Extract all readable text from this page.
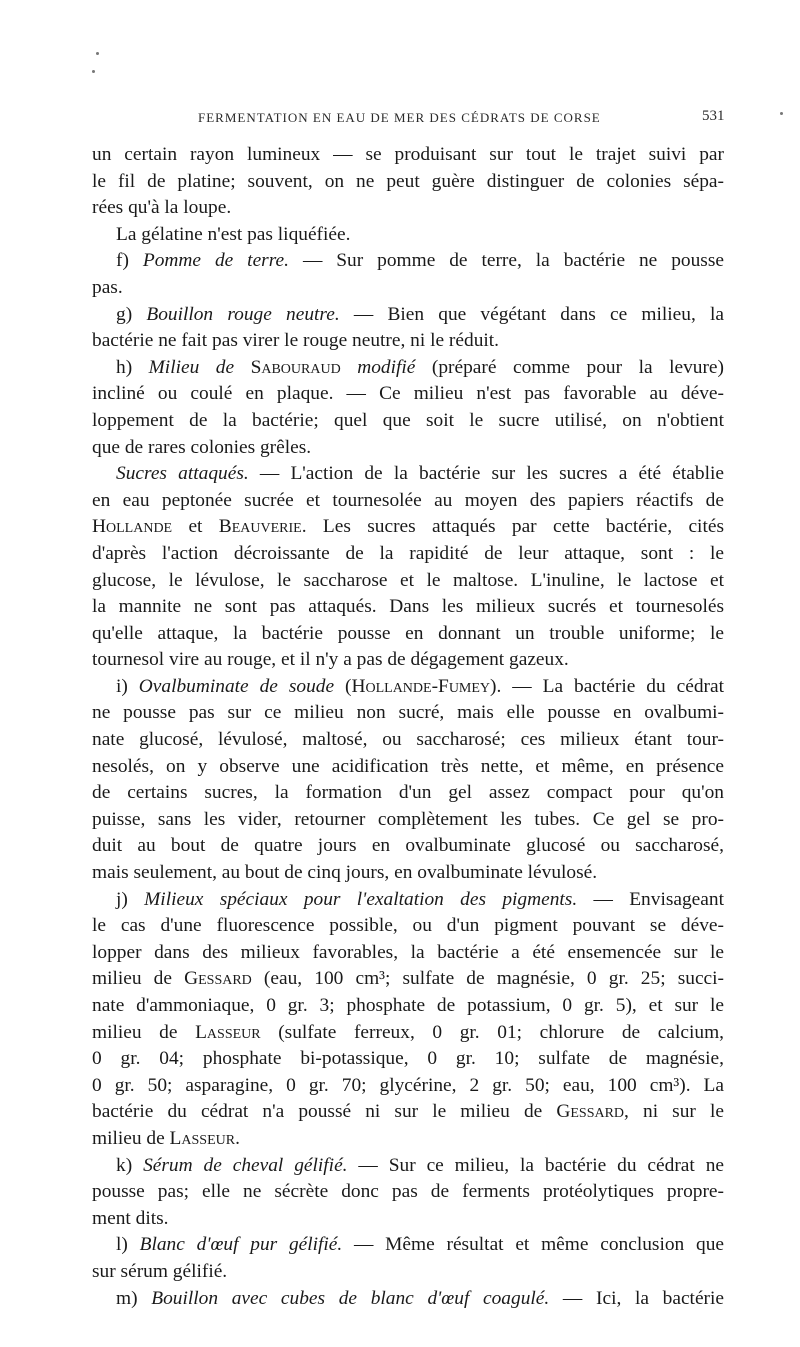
FERMENTATION EN EAU DE MER DES CÉDRATS DE CORSE	531
un certain rayon lumineux — se produisant sur tout le trajet suivi par
le fil de platine; souvent, on ne peut guère distinguer de colonies sépa-
rées qu'à la loupe.
La gélatine n'est pas liquéfiée.
f) Pomme de terre. — Sur pomme de terre, la bactérie ne pousse
pas.
g) Bouillon rouge neutre. — Bien que végétant dans ce milieu, la
bactérie ne fait pas virer le rouge neutre, ni le réduit.
h) Milieu de Sabouraud modifié (préparé comme pour la levure)
incliné ou coulé en plaque. — Ce milieu n'est pas favorable au déve-
loppement de la bactérie; quel que soit le sucre utilisé, on n'obtient
que de rares colonies grêles.
Sucres attaqués. — L'action de la bactérie sur les sucres a été établie
en eau peptonée sucrée et tournesolée au moyen des papiers réactifs de
Hollande et Beauverie. Les sucres attaqués par cette bactérie, cités
d'après l'action décroissante de la rapidité de leur attaque, sont : le
glucose, le lévulose, le saccharose et le maltose. L'inuline, le lactose et
la mannite ne sont pas attaqués. Dans les milieux sucrés et tournesolés
qu'elle attaque, la bactérie pousse en donnant un trouble uniforme; le
tournesol vire au rouge, et il n'y a pas de dégagement gazeux.
i) Ovalbuminate de soude (Hollande-Fumey). — La bactérie du cédrat
ne pousse pas sur ce milieu non sucré, mais elle pousse en ovalbumi-
nate glucosé, lévulosé, maltosé, ou saccharosé; ces milieux étant tour-
nesolés, on y observe une acidification très nette, et même, en présence
de certains sucres, la formation d'un gel assez compact pour qu'on
puisse, sans les vider, retourner complètement les tubes. Ce gel se pro-
duit au bout de quatre jours en ovalbuminate glucosé ou saccharosé,
mais seulement, au bout de cinq jours, en ovalbuminate lévulosé.
j) Milieux spéciaux pour l'exaltation des pigments. — Envisageant
le cas d'une fluorescence possible, ou d'un pigment pouvant se déve-
lopper dans des milieux favorables, la bactérie a été ensemencée sur le
milieu de Gessard (eau, 100 cm³; sulfate de magnésie, 0 gr. 25; succi-
nate d'ammoniaque, 0 gr. 3; phosphate de potassium, 0 gr. 5), et sur le
milieu de Lasseur (sulfate ferreux, 0 gr. 01; chlorure de calcium,
0 gr. 04; phosphate bi-potassique, 0 gr. 10; sulfate de magnésie,
0 gr. 50; asparagine, 0 gr. 70; glycérine, 2 gr. 50; eau, 100 cm³). La
bactérie du cédrat n'a poussé ni sur le milieu de Gessard, ni sur le
milieu de Lasseur.
k) Sérum de cheval gélifié. — Sur ce milieu, la bactérie du cédrat ne
pousse pas; elle ne sécrète donc pas de ferments protéolytiques propre-
ment dits.
l) Blanc d'œuf pur gélifié. — Même résultat et même conclusion que
sur sérum gélifié.
m) Bouillon avec cubes de blanc d'œuf coagulé. — Ici, la bactérie
